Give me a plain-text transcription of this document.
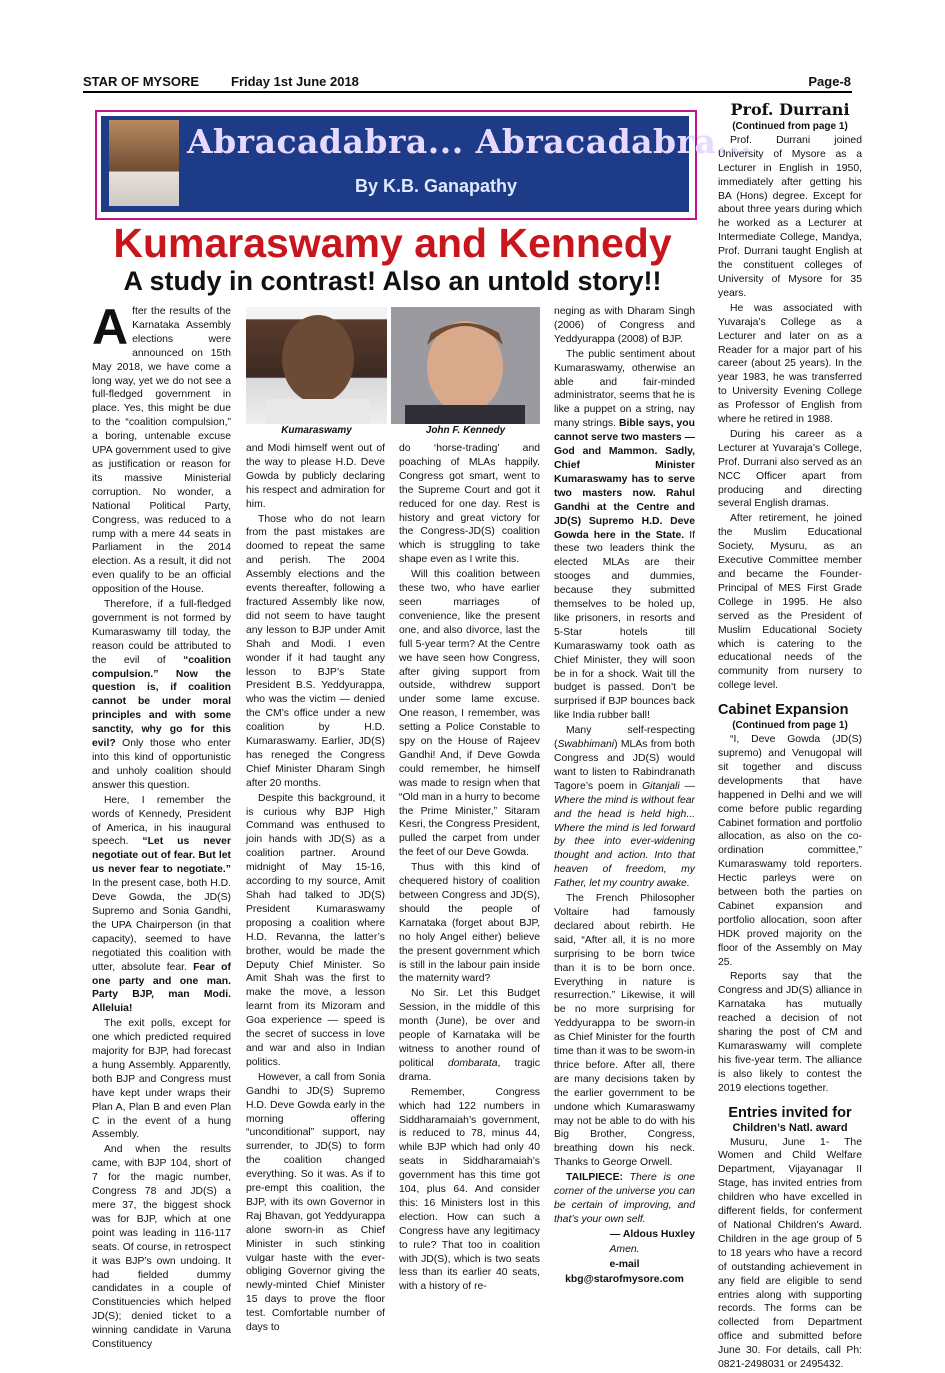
STAR OF MYSORE Friday 1st June 2018	Page-8
Abracadabra... Abracadabra...
By K.B. Ganapathy
Kumaraswamy and Kennedy
A study in contrast! Also an untold story!!
Kumaraswamy	John F. Kennedy

After the results of the Karnataka Assembly elections were announced on 15th May 2018, we have come a long way, yet we do not see a full-fledged government in place. Yes, this might be due to the “coalition compulsion,” a boring, untenable excuse UPA government used to give as justification or reason for its massive Ministerial corruption. No wonder, a National Political Party, Congress, was reduced to a rump with a mere 44 seats in Parliament in the 2014 election. As a result, it did not even qualify to be an official opposition of the House.

Therefore, if a full-fledged government is not formed by Kumaraswamy till today, the reason could be attributed to the evil of “coalition compulsion.” Now the question is, if coalition cannot be under moral principles and with some sanctity, why go for this evil? Only those who enter into this kind of opportunistic and unholy coalition should answer this question.

Here, I remember the words of Kennedy, President of America, in his inaugural speech. “Let us never negotiate out of fear. But let us never fear to negotiate.” In the present case, both H.D. Deve Gowda, the JD(S) Supremo and Sonia Gandhi, the UPA Chairperson (in that capacity), seemed to have negotiated this coalition with utter, absolute fear. Fear of one party and one man. Party BJP, man Modi. Alleluia!

The exit polls, except for one which predicted required majority for BJP, had forecast a hung Assembly. Apparently, both BJP and Congress must have kept under wraps their Plan A, Plan B and even Plan C in the event of a hung Assembly.

And when the results came, with BJP 104, short of 7 for the magic number, Congress 78 and JD(S) a mere 37, the biggest shock was for BJP, which at one point was leading in 116-117 seats. Of course, in retrospect it was BJP’s own undoing. It had fielded dummy candidates in a couple of Constituencies which helped JD(S); denied ticket to a winning candidate in Varuna Constituency

and Modi himself went out of the way to please H.D. Deve Gowda by publicly declaring his respect and admiration for him.

Those who do not learn from the past mistakes are doomed to repeat the same and perish. The 2004 Assembly elections and the events thereafter, following a fractured Assembly like now, did not seem to have taught any lesson to BJP under Amit Shah and Modi. I even wonder if it had taught any lesson to BJP’s State President B.S. Yeddyurappa, who was the victim — denied the CM’s office under a new coalition by H.D. Kumaraswamy. Earlier, JD(S) has reneged the Congress Chief Minister Dharam Singh after 20 months.

Despite this background, it is curious why BJP High Command was enthused to join hands with JD(S) as a coalition partner. Around midnight of May 15-16, according to my source, Amit Shah had talked to JD(S) President Kumaraswamy proposing a coalition where H.D. Revanna, the latter’s brother, would be made the Deputy Chief Minister. So Amit Shah was the first to make the move, a lesson learnt from its Mizoram and Goa experience — speed is the secret of success in love and war and also in Indian politics.

However, a call from Sonia Gandhi to JD(S) Supremo H.D. Deve Gowda early in the morning offering “unconditional” support, nay surrender, to JD(S) to form the coalition changed everything. So it was. As if to pre-empt this coalition, the BJP, with its own Governor in Raj Bhavan, got Yeddyurappa alone sworn-in as Chief Minister in such stinking vulgar haste with the ever-obliging Governor giving the newly-minted Chief Minister 15 days to prove the floor test. Comfortable number of days to

do ‘horse-trading’ and poaching of MLAs happily. Congress got smart, went to the Supreme Court and got it reduced for one day. Rest is history and great victory for the Congress-JD(S) coalition which is struggling to take shape even as I write this.

Will this coalition between these two, who have earlier seen marriages of convenience, like the present one, and also divorce, last the full 5-year term? At the Centre we have seen how Congress, after giving support from outside, withdrew support under some lame excuse. One reason, I remember, was setting a Police Constable to spy on the House of Rajeev Gandhi! And, if Deve Gowda could remember, he himself was made to resign when that “Old man in a hurry to become the Prime Minister,” Sitaram Kesri, the Congress President, pulled the carpet from under the feet of our Deve Gowda.

Thus with this kind of chequered history of coalition between Congress and JD(S), should the people of Karnataka (forget about BJP, no holy Angel either) believe the present government which is still in the labour pain inside the maternity ward?

No Sir. Let this Budget Session, in the middle of this month (June), be over and people of Karnataka will be witness to another round of political dombarata, tragic drama.

Remember, Congress which had 122 numbers in Siddharamaiah’s government, is reduced to 78, minus 44, while BJP which had only 40 seats in Siddharamaiah’s government has this time got 104, plus 64. And consider this: 16 Ministers lost in this election. How can such a Congress have any legitimacy to rule? That too in coalition with JD(S), which is two seats less than its earlier 40 seats, with a history of re-

neging as with Dharam Singh (2006) of Congress and Yeddyurappa (2008) of BJP.

The public sentiment about Kumaraswamy, otherwise an able and fair-minded administrator, seems that he is like a puppet on a string, nay many strings. Bible says, you cannot serve two masters — God and Mammon. Sadly, Chief Minister Kumaraswamy has to serve two masters now. Rahul Gandhi at the Centre and JD(S) Supremo H.D. Deve Gowda here in the State. If these two leaders think the elected MLAs are their stooges and dummies, because they submitted themselves to be holed up, like prisoners, in resorts and 5-Star hotels till Kumaraswamy took oath as Chief Minister, they will soon be in for a shock. Wait till the budget is passed. Don’t be surprised if BJP bounces back like India rubber ball!

Many self-respecting (Swabhimani) MLAs from both Congress and JD(S) would want to listen to Rabindranath Tagore’s poem in Gitanjali — Where the mind is without fear and the head is held high... Where the mind is led forward by thee into ever-widening thought and action. Into that heaven of freedom, my Father, let my country awake.

The French Philosopher Voltaire had famously declared about rebirth. He said, “After all, it is no more surprising to be born twice than it is to be born once. Everything in nature is resurrection.” Likewise, it will be no more surprising for Yeddyurappa to be sworn-in as Chief Minister for the fourth time than it was to be sworn-in thrice before. After all, there are many decisions taken by the earlier government to be undone which Kumaraswamy may not be able to do with his Big Brother, Congress, breathing down his neck. Thanks to George Orwell.

TAILPIECE: There is one corner of the universe you can be certain of improving, and that’s your own self.

— Aldous Huxley

Amen.

e-mail

kbg@starofmysore.com

Prof. Durrani
(Continued from page 1)

Prof. Durrani joined University of Mysore as a Lecturer in English in 1950, immediately after getting his BA (Hons) degree. Except for about three years during which he worked as a Lecturer at Intermediate College, Mandya, Prof. Durrani taught English at the constituent colleges of University of Mysore for 35 years.

He was associated with Yuvaraja’s College as a Lecturer and later on as a Reader for a major part of his career (about 25 years). In the year 1983, he was transferred to University Evening College as Professor of English from where he retired in 1988.

During his career as a Lecturer at Yuvaraja’s College, Prof. Durrani also served as an NCC Officer apart from producing and directing several English dramas.

After retirement, he joined the Muslim Educational Society, Mysuru, as an Executive Committee member and became the Founder-Principal of MES First Grade College in 1995. He also served as the President of Muslim Educational Society which is catering to the educational needs of the community from nursery to college level.

Cabinet Expansion
(Continued from page 1)

“I, Deve Gowda (JD(S) supremo) and Venugopal will sit together and discuss developments that have happened in Delhi and we will come before public regarding Cabinet formation and portfolio allocation, as also on the co-ordination committee,” Kumaraswamy told reporters. Hectic parleys were on between both the parties on Cabinet expansion and portfolio allocation, soon after HDK proved majority on the floor of the Assembly on May 25.

Reports say that the Congress and JD(S) alliance in Karnataka has mutually reached a decision of not sharing the post of CM and Kumaraswamy will complete his five-year term. The alliance is also likely to contest the 2019 elections together.

Entries invited for
Children’s Natl. award

Musuru, June 1- The Women and Child Welfare Department, Vijayanagar II Stage, has invited entries from children who have excelled in different fields, for conferment of National Children’s Award. Children in the age group of 5 to 18 years who have a record of outstanding achievement in any field are eligible to send entries along with supporting records. The forms can be collected from Department office and submitted before June 30. For details, call Ph: 0821-2498031 or 2495432.
